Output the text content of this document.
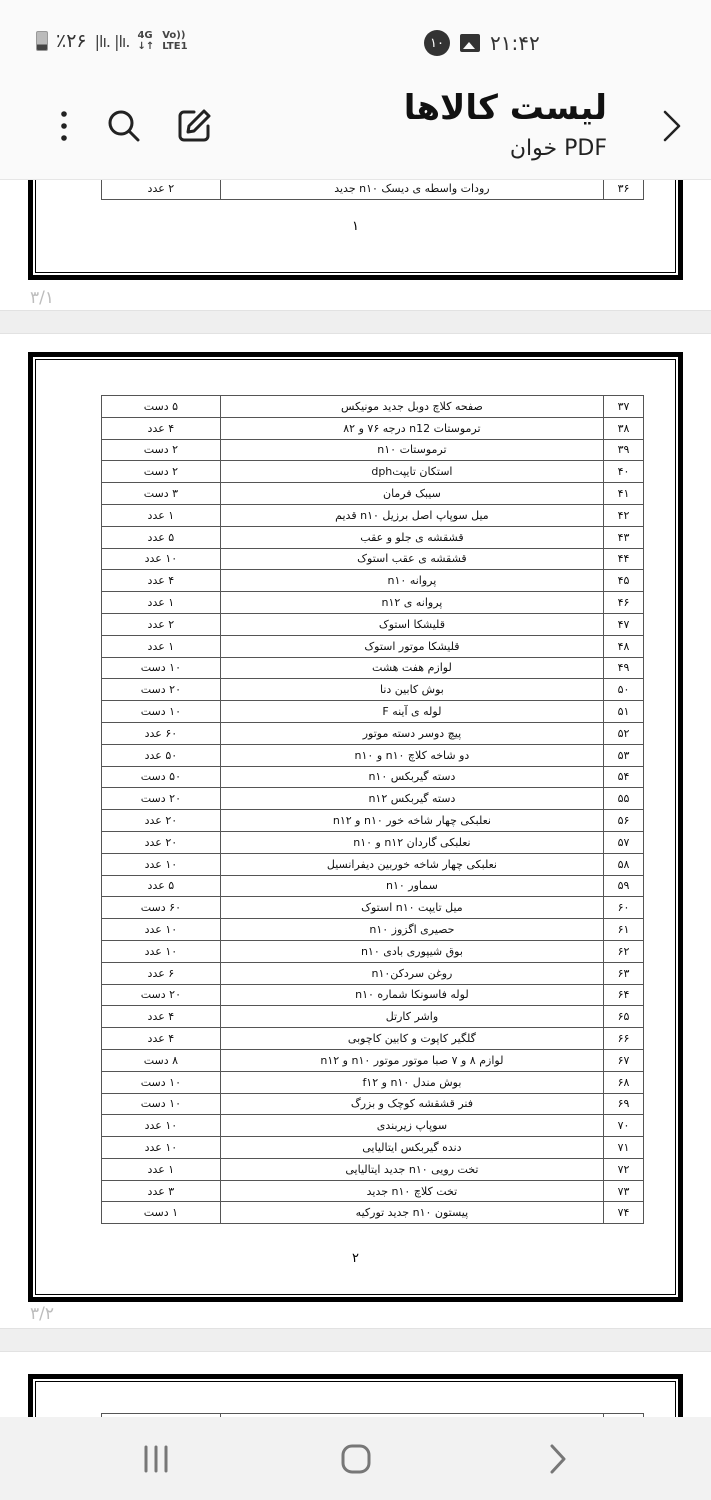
٪۲۶ |lı. |lı. 4G
↓↑
Vo))
LTE1	۱۰	۲۱:۴۲
لیست کالاها
PDF خوان
۳۶	رودات واسطه ی دیسک n۱۰ جدید	۲ عدد
۱
۳/۱
۳۷	صفحه کلاچ دوبل جدید مونیکس	۵ دست
۳۸	ترموستات n12 درجه ۷۶ و ۸۲	۴ عدد
۳۹	ترموستات n۱۰	۲ دست
۴۰	استکان تایپتdph	۲ دست
۴۱	سیبک فرمان	۳ دست
۴۲	میل سوپاپ اصل برزیل n۱۰ قدیم	۱ عدد
۴۳	قشقشه ی جلو و عقب	۵ عدد
۴۴	قشقشه ی عقب استوک	۱۰ عدد
۴۵	پروانه n۱۰	۴ عدد
۴۶	پروانه ی n۱۲	۱ عدد
۴۷	قلیشکا استوک	۲ عدد
۴۸	قلیشکا موتور استوک	۱ عدد
۴۹	لوازم هفت هشت	۱۰ دست
۵۰	بوش کابین دنا	۲۰ دست
۵۱	لوله ی آینه F	۱۰ دست
۵۲	پیچ دوسر دسته موتور	۶۰ عدد
۵۳	دو شاخه کلاچ n۱۰ و n۱۰	۵۰ عدد
۵۴	دسته گیربکس n۱۰	۵۰ دست
۵۵	دسته گیربکس n۱۲	۲۰ دست
۵۶	نعلبکی چهار شاخه خور n۱۰ و n۱۲	۲۰ عدد
۵۷	نعلبکی گاردان n۱۲ و n۱۰	۲۰ عدد
۵۸	نعلبکی چهار شاخه خوربین دیفرانسیل	۱۰ عدد
۵۹	سماور n۱۰	۵ عدد
۶۰	میل تایپت n۱۰ استوک	۶۰ دست
۶۱	حصیری اگزوز n۱۰	۱۰ عدد
۶۲	بوق شیپوری بادی n۱۰	۱۰ عدد
۶۳	روغن سردکنn۱۰	۶ عدد
۶۴	لوله فاسونکا شماره n۱۰	۲۰ دست
۶۵	واشر کارتل	۴ عدد
۶۶	گلگیر کاپوت و کابین کاچوبی	۴ عدد
۶۷	لوازم ۸ و ۷ صبا موتور موتور n۱۰ و n۱۲	۸ دست
۶۸	بوش مندل n۱۰ و f۱۲	۱۰ دست
۶۹	فنر قشقشه کوچک و بزرگ	۱۰ دست
۷۰	سوپاپ زیربندی	۱۰ عدد
۷۱	دنده گیربکس ایتالیایی	۱۰ عدد
۷۲	تخت رویی n۱۰ جدید ایتالیایی	۱ عدد
۷۳	تخت کلاچ n۱۰ جدید	۳ عدد
۷۴	پیستون n۱۰ جدید تورکیه	۱ دست
۲
۳/۲
